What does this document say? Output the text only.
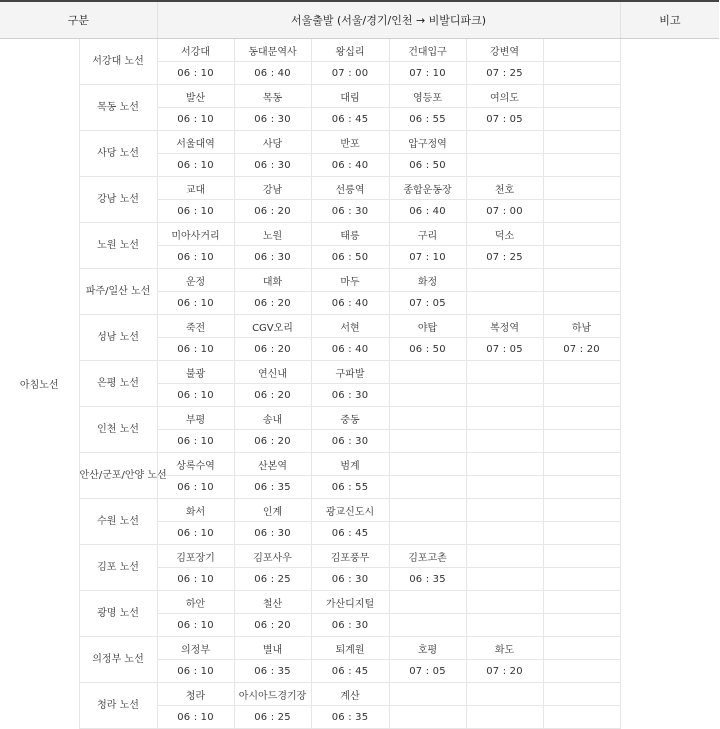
구분		서울출발 (서울/경기/인천 → 비발디파크)						비고
아침노선	서강대 노선	서강대	동대문역사	왕십리	건대입구	강변역		
		06 : 10	06 : 40	07 : 00	07 : 10	07 : 25		
	목동 노선	발산	목동	대림	영등포	여의도		
		06 : 10	06 : 30	06 : 45	06 : 55	07 : 05		
	사당 노선	서울대역	사당	반포	압구정역			
		06 : 10	06 : 30	06 : 40	06 : 50			
	강남 노선	교대	강남	선릉역	종합운동장	천호		
		06 : 10	06 : 20	06 : 30	06 : 40	07 : 00		
	노원 노선	미아사거리	노원	태릉	구리	덕소		
		06 : 10	06 : 30	06 : 50	07 : 10	07 : 25		
	파주/일산 노선	운정	대화	마두	화정			
		06 : 10	06 : 20	06 : 40	07 : 05			
	성남 노선	죽전	CGV오리	서현	야탑	복정역	하남	
		06 : 10	06 : 20	06 : 40	06 : 50	07 : 05	07 : 20	
	은평 노선	불광	연신내	구파발				
		06 : 10	06 : 20	06 : 30				
	인천 노선	부평	송내	중동				
		06 : 10	06 : 20	06 : 30				
	안산/군포/안양 노선	상록수역	산본역	범계				
		06 : 10	06 : 35	06 : 55				
	수원 노선	화서	인계	광교신도시				
		06 : 10	06 : 30	06 : 45				
	김포 노선	김포장기	김포사우	김포풍무	김포고촌			
		06 : 10	06 : 25	06 : 30	06 : 35			
	광명 노선	하안	철산	가산디지털				
		06 : 10	06 : 20	06 : 30				
	의정부 노선	의정부	별내	퇴계원	호평	화도		
		06 : 10	06 : 35	06 : 45	07 : 05	07 : 20		
	청라 노선	청라	아시아드경기장	계산				
		06 : 10	06 : 25	06 : 35				
